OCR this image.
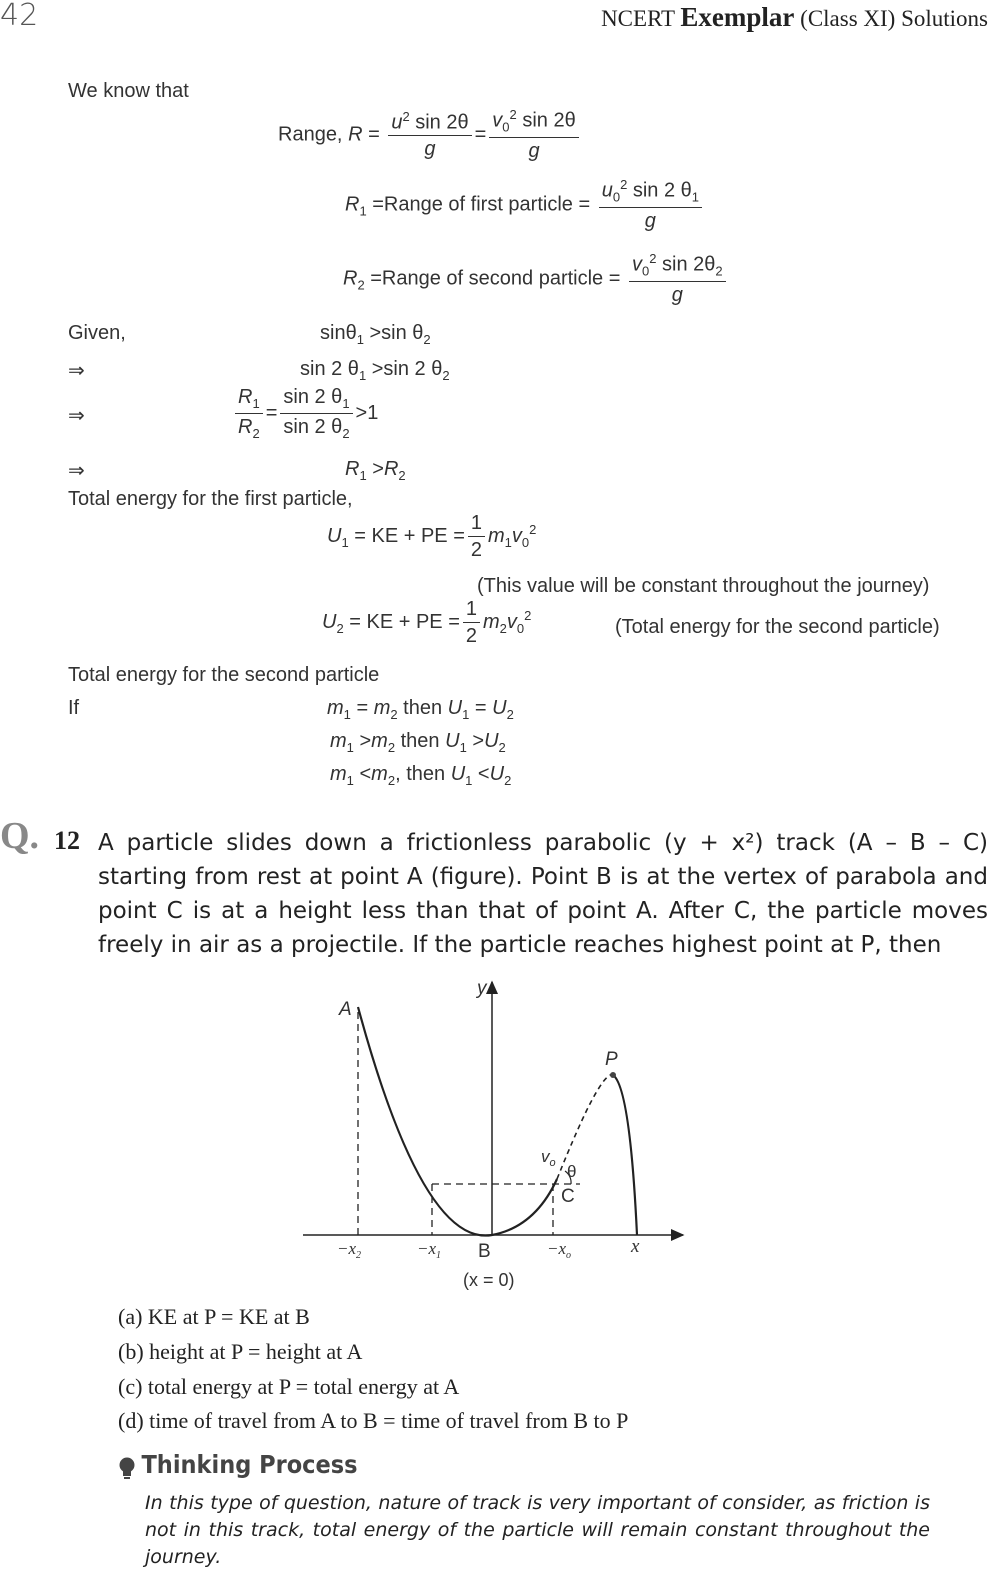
42	NCERT Exemplar (Class XI) Solutions
We know that
Range, $R = \frac{u^2 \sin 2\theta}{g} = \frac{v_0^2 \sin 2\theta}{g}$
$R_1$ =Range of first particle = $\frac{u_0^2 \sin 2 \theta_1}{g}$
$R_2$ =Range of second particle = $\frac{v_0^2 \sin 2\theta_2}{g}$
Given,	sinθ$_1$ >sin $\theta_2$
⇒	sin 2 $\theta_1 >\sin$ 2 $\theta_2$
⇒	$\frac{R_1}{R_2} = \frac{\sin 2 \theta_1}{\sin 2 \theta_2} >1$
⇒	$R_1 >R_2$
Total energy for the first particle,
$U_1$ = KE + PE = $\frac{1}{2} m_1v_0^2$
(This value will be constant throughout the journey)
$U_2$ = KE + PE = $\frac{1}{2} m_2v_0^2$
(Total energy for the second particle)
Total energy for the second particle
If	$m_1 = m_2$ then $U_1 = U_2$
$m_1 >m_2$ then $U_1 >U_2$
$m_1 <m_2$, then $U_1 <U_2$
Q. 12 A particle slides down a frictionless parabolic (y + x²) track (A – B – C) starting from rest at point A (figure). Point B is at the vertex of parabola and point C is at a height less than that of point A. After C, the particle moves freely in air as a projectile. If the particle reaches highest point at P, then
A
P
C
B
y
x
$v_o$ θ
$-x_2$	$-x_1$	$-x_o$
(x = 0)
(a) KE at P = KE at B
(b) height at P = height at A
(c) total energy at P = total energy at A
(d) time of travel from A to B = time of travel from B to P
Thinking Process
In this type of question, nature of track is very important of consider, as friction is not in this track, total energy of the particle will remain constant throughout the journey.
